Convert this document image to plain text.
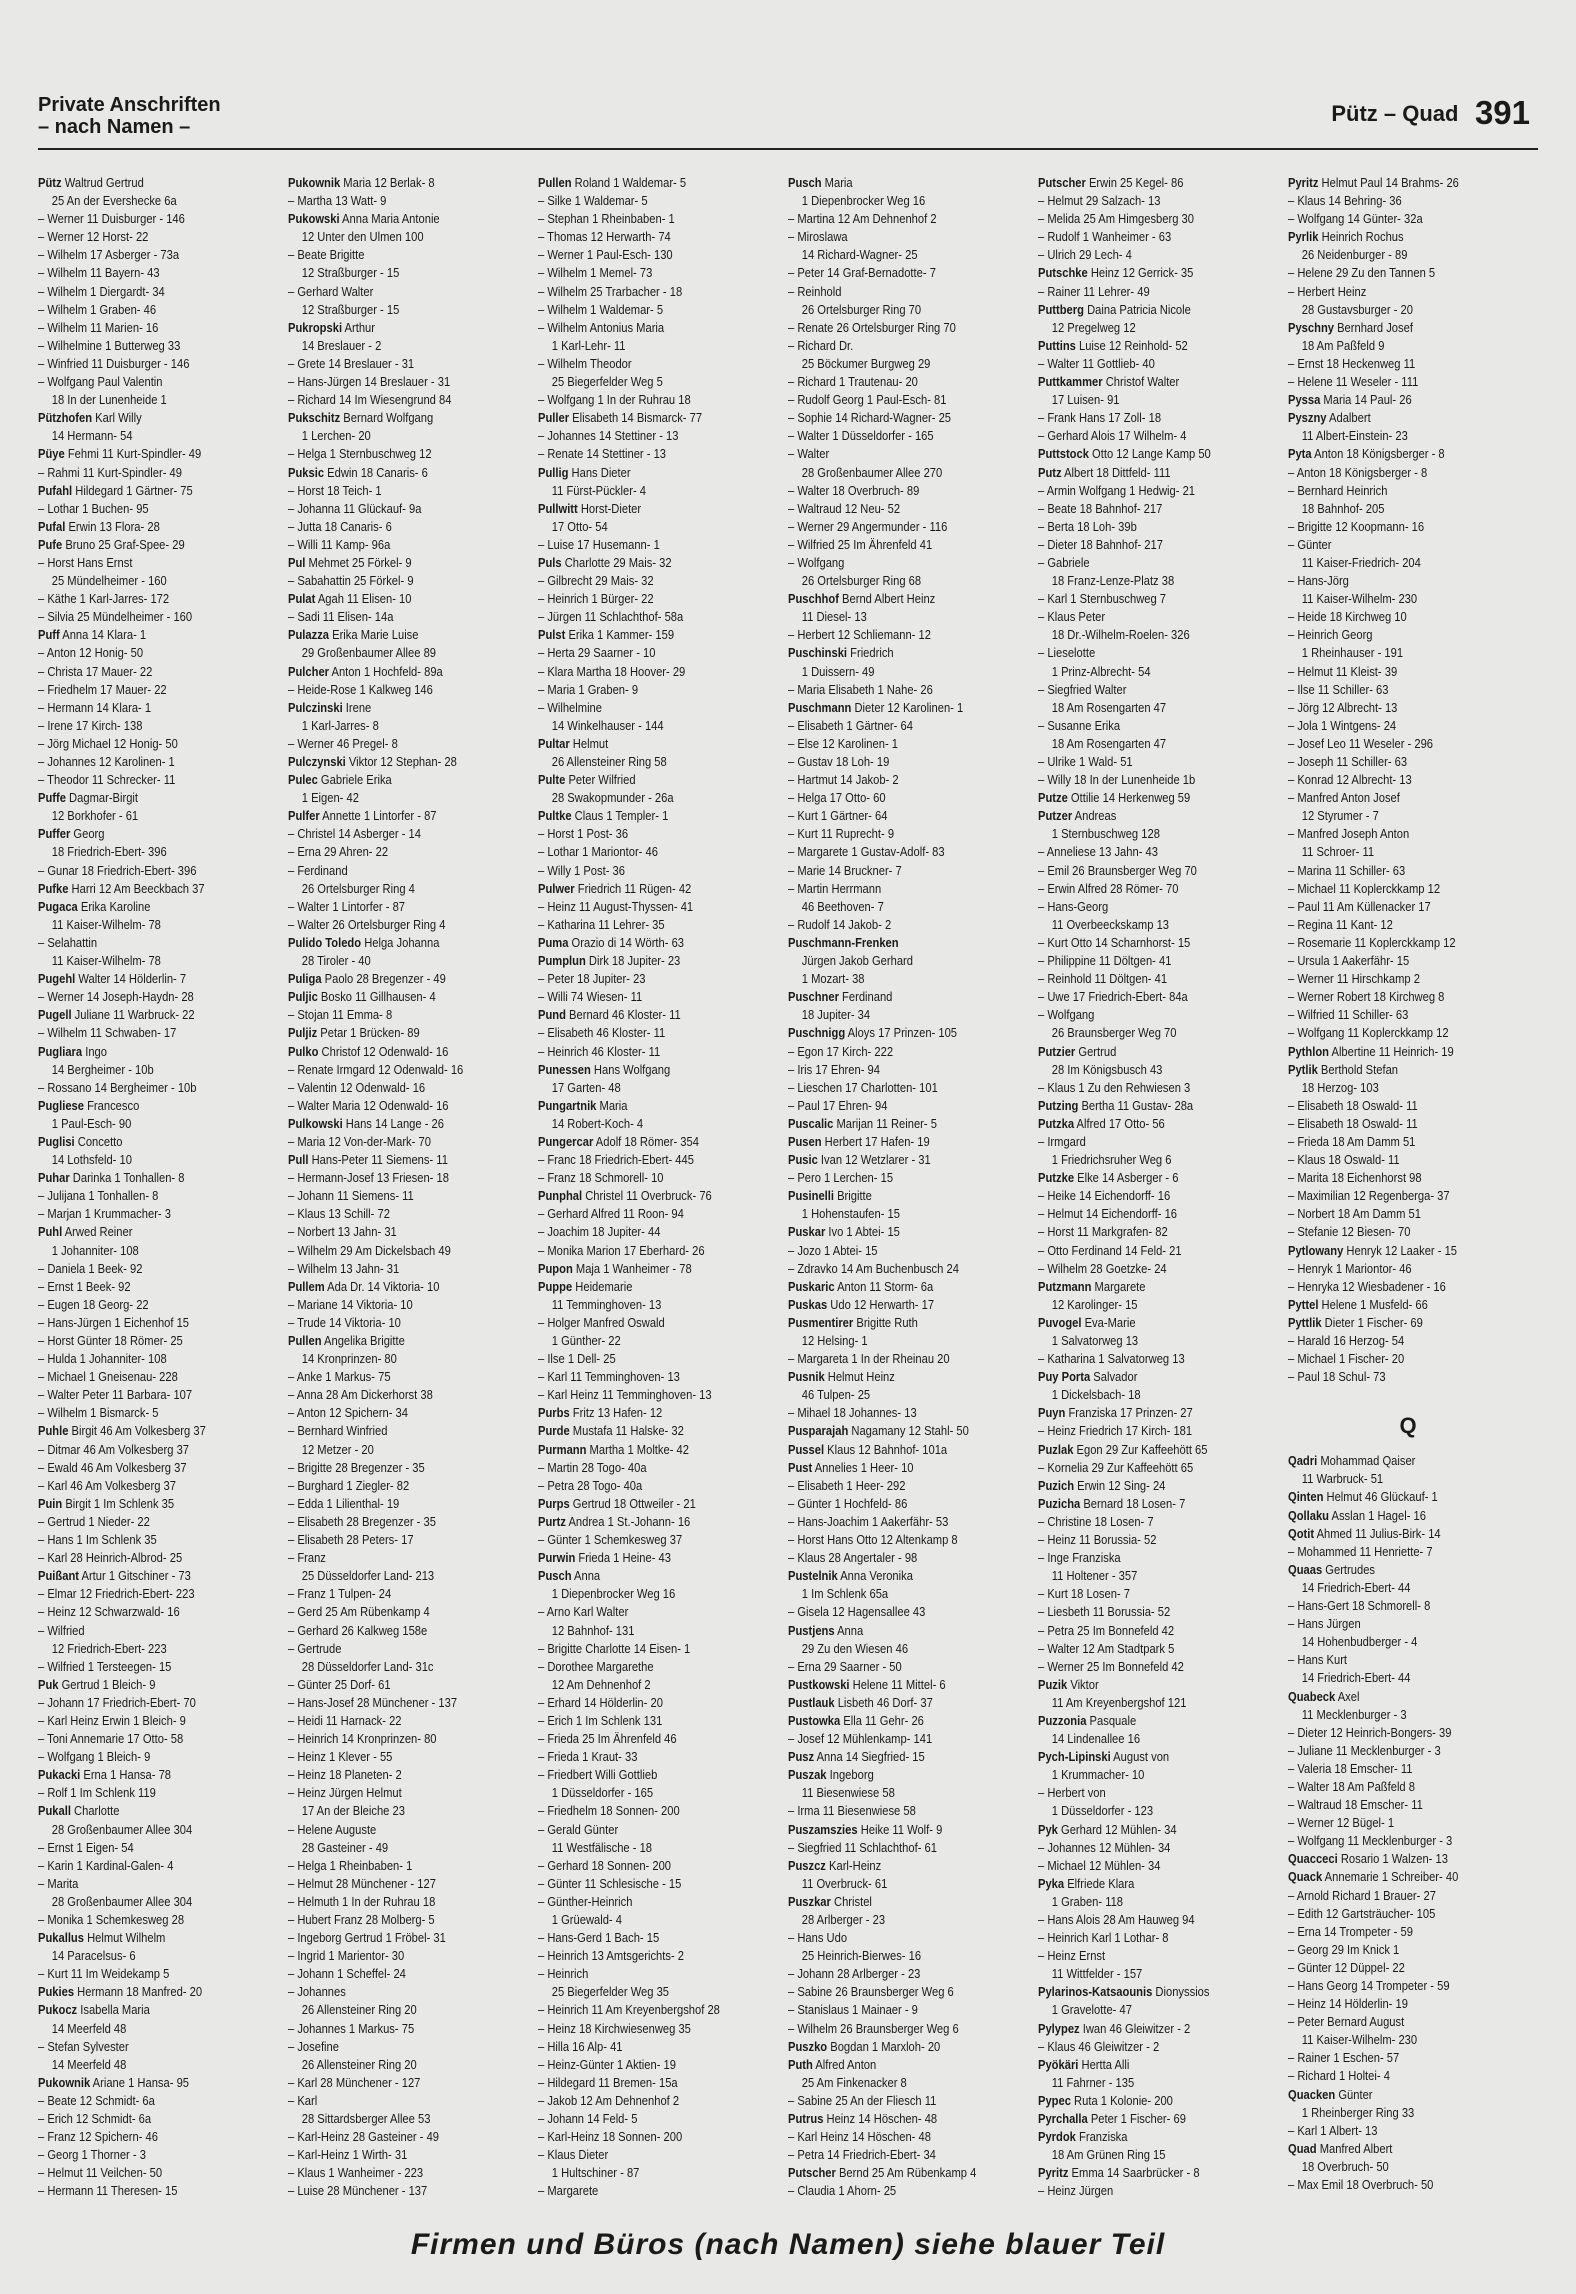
Private Anschriften
– nach Namen –
Pütz – Quad 391
Pütz Waltrud Gertrud
25 An der Evershecke 6a
– Werner 11 Duisburger - 146
– Werner 12 Horst- 22
– Wilhelm 17 Asberger - 73a
– Wilhelm 11 Bayern- 43
– Wilhelm 1 Diergardt- 34
– Wilhelm 1 Graben- 46
– Wilhelm 11 Marien- 16
– Wilhelmine 1 Butterweg 33
– Winfried 11 Duisburger - 146
– Wolfgang Paul Valentin
18 In der Lunenheide 1
Pützhofen Karl Willy
14 Hermann- 54
Püye Fehmi 11 Kurt-Spindler- 49
– Rahmi 11 Kurt-Spindler- 49
Pufahl Hildegard 1 Gärtner- 75
– Lothar 1 Buchen- 95
Pufal Erwin 13 Flora- 28
Pufe Bruno 25 Graf-Spee- 29
– Horst Hans Ernst
25 Mündelheimer - 160
– Käthe 1 Karl-Jarres- 172
– Silvia 25 Mündelheimer - 160
Puff Anna 14 Klara- 1
– Anton 12 Honig- 50
– Christa 17 Mauer- 22
– Friedhelm 17 Mauer- 22
– Hermann 14 Klara- 1
– Irene 17 Kirch- 138
– Jörg Michael 12 Honig- 50
– Johannes 12 Karolinen- 1
– Theodor 11 Schrecker- 11
Puffe Dagmar-Birgit
12 Borkhofer - 61
Puffer Georg
18 Friedrich-Ebert- 396
– Gunar 18 Friedrich-Ebert- 396
Pufke Harri 12 Am Beeckbach 37
Pugaca Erika Karoline
11 Kaiser-Wilhelm- 78
– Selahattin
11 Kaiser-Wilhelm- 78
Pugehl Walter 14 Hölderlin- 7
– Werner 14 Joseph-Haydn- 28
Pugell Juliane 11 Warbruck- 22
– Wilhelm 11 Schwaben- 17
Pugliara Ingo
14 Bergheimer - 10b
– Rossano 14 Bergheimer - 10b
Pugliese Francesco
1 Paul-Esch- 90
Puglisi Concetto
14 Lothsfeld- 10
Puhar Darinka 1 Tonhallen- 8
– Julijana 1 Tonhallen- 8
– Marjan 1 Krummacher- 3
Puhl Arwed Reiner
1 Johanniter- 108
– Daniela 1 Beek- 92
– Ernst 1 Beek- 92
– Eugen 18 Georg- 22
– Hans-Jürgen 1 Eichenhof 15
– Horst Günter 18 Römer- 25
– Hulda 1 Johanniter- 108
– Michael 1 Gneisenau- 228
– Walter Peter 11 Barbara- 107
– Wilhelm 1 Bismarck- 5
Puhle Birgit 46 Am Volkesberg 37
– Ditmar 46 Am Volkesberg 37
– Ewald 46 Am Volkesberg 37
– Karl 46 Am Volkesberg 37
Puin Birgit 1 Im Schlenk 35
– Gertrud 1 Nieder- 22
– Hans 1 Im Schlenk 35
– Karl 28 Heinrich-Albrod- 25
Puißant Artur 1 Gitschiner - 73
– Elmar 12 Friedrich-Ebert- 223
– Heinz 12 Schwarzwald- 16
– Wilfried
12 Friedrich-Ebert- 223
– Wilfried 1 Tersteegen- 15
Puk Gertrud 1 Bleich- 9
– Johann 17 Friedrich-Ebert- 70
– Karl Heinz Erwin 1 Bleich- 9
– Toni Annemarie 17 Otto- 58
– Wolfgang 1 Bleich- 9
Pukacki Erna 1 Hansa- 78
– Rolf 1 Im Schlenk 119
Pukall Charlotte
28 Großenbaumer Allee 304
– Ernst 1 Eigen- 54
– Karin 1 Kardinal-Galen- 4
– Marita
28 Großenbaumer Allee 304
– Monika 1 Schemkesweg 28
Pukallus Helmut Wilhelm
14 Paracelsus- 6
– Kurt 11 Im Weidekamp 5
Pukies Hermann 18 Manfred- 20
Pukocz Isabella Maria
14 Meerfeld 48
– Stefan Sylvester
14 Meerfeld 48
Pukownik Ariane 1 Hansa- 95
– Beate 12 Schmidt- 6a
– Erich 12 Schmidt- 6a
– Franz 12 Spichern- 46
– Georg 1 Thorner - 3
– Helmut 11 Veilchen- 50
– Hermann 11 Theresen- 15
Pukownik Maria 12 Berlak- 8
– Martha 13 Watt- 9
Pukowski Anna Maria Antonie
12 Unter den Ulmen 100
– Beate Brigitte
12 Straßburger - 15
– Gerhard Walter
12 Straßburger - 15
Pukropski Arthur
14 Breslauer - 2
– Grete 14 Breslauer - 31
– Hans-Jürgen 14 Breslauer - 31
– Richard 14 Im Wiesengrund 84
Pukschitz Bernard Wolfgang
1 Lerchen- 20
– Helga 1 Sternbuschweg 12
Puksic Edwin 18 Canaris- 6
– Horst 18 Teich- 1
– Johanna 11 Glückauf- 9a
– Jutta 18 Canaris- 6
– Willi 11 Kamp- 96a
Pul Mehmet 25 Förkel- 9
– Sabahattin 25 Förkel- 9
Pulat Agah 11 Elisen- 10
– Sadi 11 Elisen- 14a
Pulazza Erika Marie Luise
29 Großenbaumer Allee 89
Pulcher Anton 1 Hochfeld- 89a
– Heide-Rose 1 Kalkweg 146
Pulczinski Irene
1 Karl-Jarres- 8
– Werner 46 Pregel- 8
Pulczynski Viktor 12 Stephan- 28
Pulec Gabriele Erika
1 Eigen- 42
Pulfer Annette 1 Lintorfer - 87
– Christel 14 Asberger - 14
– Erna 29 Ahren- 22
– Ferdinand
26 Ortelsburger Ring 4
– Walter 1 Lintorfer - 87
– Walter 26 Ortelsburger Ring 4
Pulido Toledo Helga Johanna
28 Tiroler - 40
Puliga Paolo 28 Bregenzer - 49
Puljic Bosko 11 Gillhausen- 4
– Stojan 11 Emma- 8
Puljiz Petar 1 Brücken- 89
Pulko Christof 12 Odenwald- 16
– Renate Irmgard 12 Odenwald- 16
– Valentin 12 Odenwald- 16
– Walter Maria 12 Odenwald- 16
Pulkowski Hans 14 Lange - 26
– Maria 12 Von-der-Mark- 70
Pull Hans-Peter 11 Siemens- 11
– Hermann-Josef 13 Friesen- 18
– Johann 11 Siemens- 11
– Klaus 13 Schill- 72
– Norbert 13 Jahn- 31
– Wilhelm 29 Am Dickelsbach 49
– Wilhelm 13 Jahn- 31
Pullem Ada Dr. 14 Viktoria- 10
– Mariane 14 Viktoria- 10
– Trude 14 Viktoria- 10
Pullen Angelika Brigitte
14 Kronprinzen- 80
– Anke 1 Markus- 75
– Anna 28 Am Dickerhorst 38
– Anton 12 Spichern- 34
– Bernhard Winfried
12 Metzer - 20
– Brigitte 28 Bregenzer - 35
– Burghard 1 Ziegler- 82
– Edda 1 Lilienthal- 19
– Elisabeth 28 Bregenzer - 35
– Elisabeth 28 Peters- 17
– Franz
25 Düsseldorfer Land- 213
– Franz 1 Tulpen- 24
– Gerd 25 Am Rübenkamp 4
– Gerhard 26 Kalkweg 158e
– Gertrude
28 Düsseldorfer Land- 31c
– Günter 25 Dorf- 61
– Hans-Josef 28 Münchener - 137
– Heidi 11 Harnack- 22
– Heinrich 14 Kronprinzen- 80
– Heinz 1 Klever - 55
– Heinz 18 Planeten- 2
– Heinz Jürgen Helmut
17 An der Bleiche 23
– Helene Auguste
28 Gasteiner - 49
– Helga 1 Rheinbaben- 1
– Helmut 28 Münchener - 127
– Helmuth 1 In der Ruhrau 18
– Hubert Franz 28 Molberg- 5
– Ingeborg Gertrud 1 Fröbel- 31
– Ingrid 1 Marientor- 30
– Johann 1 Scheffel- 24
– Johannes
26 Allensteiner Ring 20
– Johannes 1 Markus- 75
– Josefine
26 Allensteiner Ring 20
– Karl 28 Münchener - 127
– Karl
28 Sittardsberger Allee 53
– Karl-Heinz 28 Gasteiner - 49
– Karl-Heinz 1 Wirth- 31
– Klaus 1 Wanheimer - 223
– Luise 28 Münchener - 137
Pullen Roland 1 Waldemar- 5
– Silke 1 Waldemar- 5
– Stephan 1 Rheinbaben- 1
– Thomas 12 Herwarth- 74
– Werner 1 Paul-Esch- 130
– Wilhelm 1 Memel- 73
– Wilhelm 25 Trarbacher - 18
– Wilhelm 1 Waldemar- 5
– Wilhelm Antonius Maria
1 Karl-Lehr- 11
– Wilhelm Theodor
25 Biegerfelder Weg 5
– Wolfgang 1 In der Ruhrau 18
Puller Elisabeth 14 Bismarck- 77
– Johannes 14 Stettiner - 13
– Renate 14 Stettiner - 13
Pullig Hans Dieter
11 Fürst-Pückler- 4
Pullwitt Horst-Dieter
17 Otto- 54
– Luise 17 Husemann- 1
Puls Charlotte 29 Mais- 32
– Gilbrecht 29 Mais- 32
– Heinrich 1 Bürger- 22
– Jürgen 11 Schlachthof- 58a
Pulst Erika 1 Kammer- 159
– Herta 29 Saarner - 10
– Klara Martha 18 Hoover- 29
– Maria 1 Graben- 9
– Wilhelmine
14 Winkelhauser - 144
Pultar Helmut
26 Allensteiner Ring 58
Pulte Peter Wilfried
28 Swakopmunder - 26a
Pultke Claus 1 Templer- 1
– Horst 1 Post- 36
– Lothar 1 Mariontor- 46
– Willy 1 Post- 36
Pulwer Friedrich 11 Rügen- 42
– Heinz 11 August-Thyssen- 41
– Katharina 11 Lehrer- 35
Puma Orazio di 14 Wörth- 63
Pumplun Dirk 18 Jupiter- 23
– Peter 18 Jupiter- 23
– Willi 74 Wiesen- 11
Pund Bernard 46 Kloster- 11
– Elisabeth 46 Kloster- 11
– Heinrich 46 Kloster- 11
Punessen Hans Wolfgang
17 Garten- 48
Pungartnik Maria
14 Robert-Koch- 4
Pungercar Adolf 18 Römer- 354
– Franc 18 Friedrich-Ebert- 445
– Franz 18 Schmorell- 10
Punphal Christel 11 Overbruck- 76
– Gerhard Alfred 11 Roon- 94
– Joachim 18 Jupiter- 44
– Monika Marion 17 Eberhard- 26
Pupon Maja 1 Wanheimer - 78
Puppe Heidemarie
11 Temminghoven- 13
– Holger Manfred Oswald
1 Günther- 22
– Ilse 1 Dell- 25
– Karl 11 Temminghoven- 13
– Karl Heinz 11 Temminghoven- 13
Purbs Fritz 13 Hafen- 12
Purde Mustafa 11 Halske- 32
Purmann Martha 1 Moltke- 42
– Martin 28 Togo- 40a
– Petra 28 Togo- 40a
Purps Gertrud 18 Ottweiler - 21
Purtz Andrea 1 St.-Johann- 16
– Günter 1 Schemkesweg 37
Purwin Frieda 1 Heine- 43
Pusch Anna
1 Diepenbrocker Weg 16
– Arno Karl Walter
12 Bahnhof- 131
– Brigitte Charlotte 14 Eisen- 1
– Dorothee Margarethe
12 Am Dehnenhof 2
– Erhard 14 Hölderlin- 20
– Erich 1 Im Schlenk 131
– Frieda 25 Im Ährenfeld 46
– Frieda 1 Kraut- 33
– Friedbert Willi Gottlieb
1 Düsseldorfer - 165
– Friedhelm 18 Sonnen- 200
– Gerald Günter
11 Westfälische - 18
– Gerhard 18 Sonnen- 200
– Günter 11 Schlesische - 15
– Günther-Heinrich
1 Grüewald- 4
– Hans-Gerd 1 Bach- 15
– Heinrich 13 Amtsgerichts- 2
– Heinrich
25 Biegerfelder Weg 35
– Heinrich 11 Am Kreyenbergshof 28
– Heinz 18 Kirchwiesenweg 35
– Hilla 16 Alp- 41
– Heinz-Günter 1 Aktien- 19
– Hildegard 11 Bremen- 15a
– Jakob 12 Am Dehnenhof 2
– Johann 14 Feld- 5
– Karl-Heinz 18 Sonnen- 200
– Klaus Dieter
1 Hultschiner - 87
– Margarete
Pusch Maria
1 Diepenbrocker Weg 16
– Martina 12 Am Dehnenhof 2
– Miroslawa
14 Richard-Wagner- 25
– Peter 14 Graf-Bernadotte- 7
– Reinhold
26 Ortelsburger Ring 70
– Renate 26 Ortelsburger Ring 70
– Richard Dr.
25 Böckumer Burgweg 29
– Richard 1 Trautenau- 20
– Rudolf Georg 1 Paul-Esch- 81
– Sophie 14 Richard-Wagner- 25
– Walter 1 Düsseldorfer - 165
– Walter
28 Großenbaumer Allee 270
– Walter 18 Overbruch- 89
– Waltraud 12 Neu- 52
– Werner 29 Angermunder - 116
– Wilfried 25 Im Ährenfeld 41
– Wolfgang
26 Ortelsburger Ring 68
Puschhof Bernd Albert Heinz
11 Diesel- 13
– Herbert 12 Schliemann- 12
Puschinski Friedrich
1 Duissern- 49
– Maria Elisabeth 1 Nahe- 26
Puschmann Dieter 12 Karolinen- 1
– Elisabeth 1 Gärtner- 64
– Else 12 Karolinen- 1
– Gustav 18 Loh- 19
– Hartmut 14 Jakob- 2
– Helga 17 Otto- 60
– Kurt 1 Gärtner- 64
– Kurt 11 Ruprecht- 9
– Margarete 1 Gustav-Adolf- 83
– Marie 14 Bruckner- 7
– Martin Herrmann
46 Beethoven- 7
– Rudolf 14 Jakob- 2
Puschmann-Frenken
Jürgen Jakob Gerhard
1 Mozart- 38
Puschner Ferdinand
18 Jupiter- 34
Puschnigg Aloys 17 Prinzen- 105
– Egon 17 Kirch- 222
– Iris 17 Ehren- 94
– Lieschen 17 Charlotten- 101
– Paul 17 Ehren- 94
Puscalic Marijan 11 Reiner- 5
Pusen Herbert 17 Hafen- 19
Pusic Ivan 12 Wetzlarer - 31
– Pero 1 Lerchen- 15
Pusinelli Brigitte
1 Hohenstaufen- 15
Puskar Ivo 1 Abtei- 15
– Jozo 1 Abtei- 15
– Zdravko 14 Am Buchenbusch 24
Puskaric Anton 11 Storm- 6a
Puskas Udo 12 Herwarth- 17
Pusmentirer Brigitte Ruth
12 Helsing- 1
– Margareta 1 In der Rheinau 20
Pusnik Helmut Heinz
46 Tulpen- 25
– Mihael 18 Johannes- 13
Pusparajah Nagamany 12 Stahl- 50
Pussel Klaus 12 Bahnhof- 101a
Pust Annelies 1 Heer- 10
– Elisabeth 1 Heer- 292
– Günter 1 Hochfeld- 86
– Hans-Joachim 1 Aakerfähr- 53
– Horst Hans Otto 12 Altenkamp 8
– Klaus 28 Angertaler - 98
Pustelnik Anna Veronika
1 Im Schlenk 65a
– Gisela 12 Hagensallee 43
Pustjens Anna
29 Zu den Wiesen 46
– Erna 29 Saarner - 50
Pustkowski Helene 11 Mittel- 6
Pustlauk Lisbeth 46 Dorf- 37
Pustowka Ella 11 Gehr- 26
– Josef 12 Mühlenkamp- 141
Pusz Anna 14 Siegfried- 15
Puszak Ingeborg
11 Biesenwiese 58
– Irma 11 Biesenwiese 58
Puszamszies Heike 11 Wolf- 9
– Siegfried 11 Schlachthof- 61
Puszcz Karl-Heinz
11 Overbruck- 61
Puszkar Christel
28 Arlberger - 23
– Hans Udo
25 Heinrich-Bierwes- 16
– Johann 28 Arlberger - 23
– Sabine 26 Braunsberger Weg 6
– Stanislaus 1 Mainaer - 9
– Wilhelm 26 Braunsberger Weg 6
Puszko Bogdan 1 Marxloh- 20
Puth Alfred Anton
25 Am Finkenacker 8
– Sabine 25 An der Fliesch 11
Putrus Heinz 14 Höschen- 48
– Karl Heinz 14 Höschen- 48
– Petra 14 Friedrich-Ebert- 34
Putscher Bernd 25 Am Rübenkamp 4
– Claudia 1 Ahorn- 25
Putscher Erwin 25 Kegel- 86
– Helmut 29 Salzach- 13
– Melida 25 Am Himgesberg 30
– Rudolf 1 Wanheimer - 63
– Ulrich 29 Lech- 4
Putschke Heinz 12 Gerrick- 35
– Rainer 11 Lehrer- 49
Puttberg Daina Patricia Nicole
12 Pregelweg 12
Puttins Luise 12 Reinhold- 52
– Walter 11 Gottlieb- 40
Puttkammer Christof Walter
17 Luisen- 91
– Frank Hans 17 Zoll- 18
– Gerhard Alois 17 Wilhelm- 4
Puttstock Otto 12 Lange Kamp 50
Putz Albert 18 Dittfeld- 111
– Armin Wolfgang 1 Hedwig- 21
– Beate 18 Bahnhof- 217
– Berta 18 Loh- 39b
– Dieter 18 Bahnhof- 217
– Gabriele
18 Franz-Lenze-Platz 38
– Karl 1 Sternbuschweg 7
– Klaus Peter
18 Dr.-Wilhelm-Roelen- 326
– Lieselotte
1 Prinz-Albrecht- 54
– Siegfried Walter
18 Am Rosengarten 47
– Susanne Erika
18 Am Rosengarten 47
– Ulrike 1 Wald- 51
– Willy 18 In der Lunenheide 1b
Putze Ottilie 14 Herkenweg 59
Putzer Andreas
1 Sternbuschweg 128
– Anneliese 13 Jahn- 43
– Emil 26 Braunsberger Weg 70
– Erwin Alfred 28 Römer- 70
– Hans-Georg
11 Overbeeckskamp 13
– Kurt Otto 14 Scharnhorst- 15
– Philippine 11 Döltgen- 41
– Reinhold 11 Döltgen- 41
– Uwe 17 Friedrich-Ebert- 84a
– Wolfgang
26 Braunsberger Weg 70
Putzier Gertrud
28 Im Königsbusch 43
– Klaus 1 Zu den Rehwiesen 3
Putzing Bertha 11 Gustav- 28a
Putzka Alfred 17 Otto- 56
– Irmgard
1 Friedrichsruher Weg 6
Putzke Elke 14 Asberger - 6
– Heike 14 Eichendorff- 16
– Helmut 14 Eichendorff- 16
– Horst 11 Markgrafen- 82
– Otto Ferdinand 14 Feld- 21
– Wilhelm 28 Goetzke- 24
Putzmann Margarete
12 Karolinger- 15
Puvogel Eva-Marie
1 Salvatorweg 13
– Katharina 1 Salvatorweg 13
Puy Porta Salvador
1 Dickelsbach- 18
Puyn Franziska 17 Prinzen- 27
– Heinz Friedrich 17 Kirch- 181
Puzlak Egon 29 Zur Kaffeehött 65
– Kornelia 29 Zur Kaffeehött 65
Puzich Erwin 12 Sing- 24
Puzicha Bernard 18 Losen- 7
– Christine 18 Losen- 7
– Heinz 11 Borussia- 52
– Inge Franziska
11 Holtener - 357
– Kurt 18 Losen- 7
– Liesbeth 11 Borussia- 52
– Petra 25 Im Bonnefeld 42
– Walter 12 Am Stadtpark 5
– Werner 25 Im Bonnefeld 42
Puzik Viktor
11 Am Kreyenbergshof 121
Puzzonia Pasquale
14 Lindenallee 16
Pych-Lipinski August von
1 Krummacher- 10
– Herbert von
1 Düsseldorfer - 123
Pyk Gerhard 12 Mühlen- 34
– Johannes 12 Mühlen- 34
– Michael 12 Mühlen- 34
Pyka Elfriede Klara
1 Graben- 118
– Hans Alois 28 Am Hauweg 94
– Heinrich Karl 1 Lothar- 8
– Heinz Ernst
11 Wittfelder - 157
Pylarinos-Katsaounis Dionyssios
1 Gravelotte- 47
Pylypez Iwan 46 Gleiwitzer - 2
– Klaus 46 Gleiwitzer - 2
Pyökäri Hertta Alli
11 Fahrner - 135
Pypec Ruta 1 Kolonie- 200
Pyrchalla Peter 1 Fischer- 69
Pyrdok Franziska
18 Am Grünen Ring 15
Pyritz Emma 14 Saarbrücker - 8
– Heinz Jürgen
Pyritz Helmut Paul 14 Brahms- 26
– Klaus 14 Behring- 36
– Wolfgang 14 Günter- 32a
Pyrlik Heinrich Rochus
26 Neidenburger - 89
– Helene 29 Zu den Tannen 5
– Herbert Heinz
28 Gustavsburger - 20
Pyschny Bernhard Josef
18 Am Paßfeld 9
– Ernst 18 Heckenweg 11
– Helene 11 Weseler - 111
Pyssa Maria 14 Paul- 26
Pyszny Adalbert
11 Albert-Einstein- 23
Pyta Anton 18 Königsberger - 8
– Anton 18 Königsberger - 8
– Bernhard Heinrich
18 Bahnhof- 205
– Brigitte 12 Koopmann- 16
– Günter
11 Kaiser-Friedrich- 204
– Hans-Jörg
11 Kaiser-Wilhelm- 230
– Heide 18 Kirchweg 10
– Heinrich Georg
1 Rheinhauser - 191
– Helmut 11 Kleist- 39
– Ilse 11 Schiller- 63
– Jörg 12 Albrecht- 13
– Jola 1 Wintgens- 24
– Josef Leo 11 Weseler - 296
– Joseph 11 Schiller- 63
– Konrad 12 Albrecht- 13
– Manfred Anton Josef
12 Styrumer - 7
– Manfred Joseph Anton
11 Schroer- 11
– Marina 11 Schiller- 63
– Michael 11 Koplerckkamp 12
– Paul 11 Am Küllenacker 17
– Regina 11 Kant- 12
– Rosemarie 11 Koplerckkamp 12
– Ursula 1 Aakerfähr- 15
– Werner 11 Hirschkamp 2
– Werner Robert 18 Kirchweg 8
– Wilfried 11 Schiller- 63
– Wolfgang 11 Koplerckkamp 12
Pythlon Albertine 11 Heinrich- 19
Pytlik Berthold Stefan
18 Herzog- 103
– Elisabeth 18 Oswald- 11
– Elisabeth 18 Oswald- 11
– Frieda 18 Am Damm 51
– Klaus 18 Oswald- 11
– Marita 18 Eichenhorst 98
– Maximilian 12 Regenberga- 37
– Norbert 18 Am Damm 51
– Stefanie 12 Biesen- 70
Pytlowany Henryk 12 Laaker - 15
– Henryk 1 Mariontor- 46
– Henryka 12 Wiesbadener - 16
Pyttel Helene 1 Musfeld- 66
Pyttlik Dieter 1 Fischer- 69
– Harald 16 Herzog- 54
– Michael 1 Fischer- 20
– Paul 18 Schul- 73
Q
Qadri Mohammad Qaiser
11 Warbruck- 51
Qinten Helmut 46 Glückauf- 1
Qollaku Asslan 1 Hagel- 16
Qotit Ahmed 11 Julius-Birk- 14
– Mohammed 11 Henriette- 7
Quaas Gertrudes
14 Friedrich-Ebert- 44
– Hans-Gert 18 Schmorell- 8
– Hans Jürgen
14 Hohenbudberger - 4
– Hans Kurt
14 Friedrich-Ebert- 44
Quabeck Axel
11 Mecklenburger - 3
– Dieter 12 Heinrich-Bongers- 39
– Juliane 11 Mecklenburger - 3
– Valeria 18 Emscher- 11
– Walter 18 Am Paßfeld 8
– Waltraud 18 Emscher- 11
– Werner 12 Bügel- 1
– Wolfgang 11 Mecklenburger - 3
Quacceci Rosario 1 Walzen- 13
Quack Annemarie 1 Schreiber- 40
– Arnold Richard 1 Brauer- 27
– Edith 12 Gartsträucher- 105
– Erna 14 Trompeter - 59
– Georg 29 Im Knick 1
– Günter 12 Düppel- 22
– Hans Georg 14 Trompeter - 59
– Heinz 14 Hölderlin- 19
– Peter Bernard August
11 Kaiser-Wilhelm- 230
– Rainer 1 Eschen- 57
– Richard 1 Holtei- 4
Quacken Günter
1 Rheinberger Ring 33
– Karl 1 Albert- 13
Quad Manfred Albert
18 Overbruch- 50
– Max Emil 18 Overbruch- 50
Firmen und Büros (nach Namen) siehe blauer Teil
